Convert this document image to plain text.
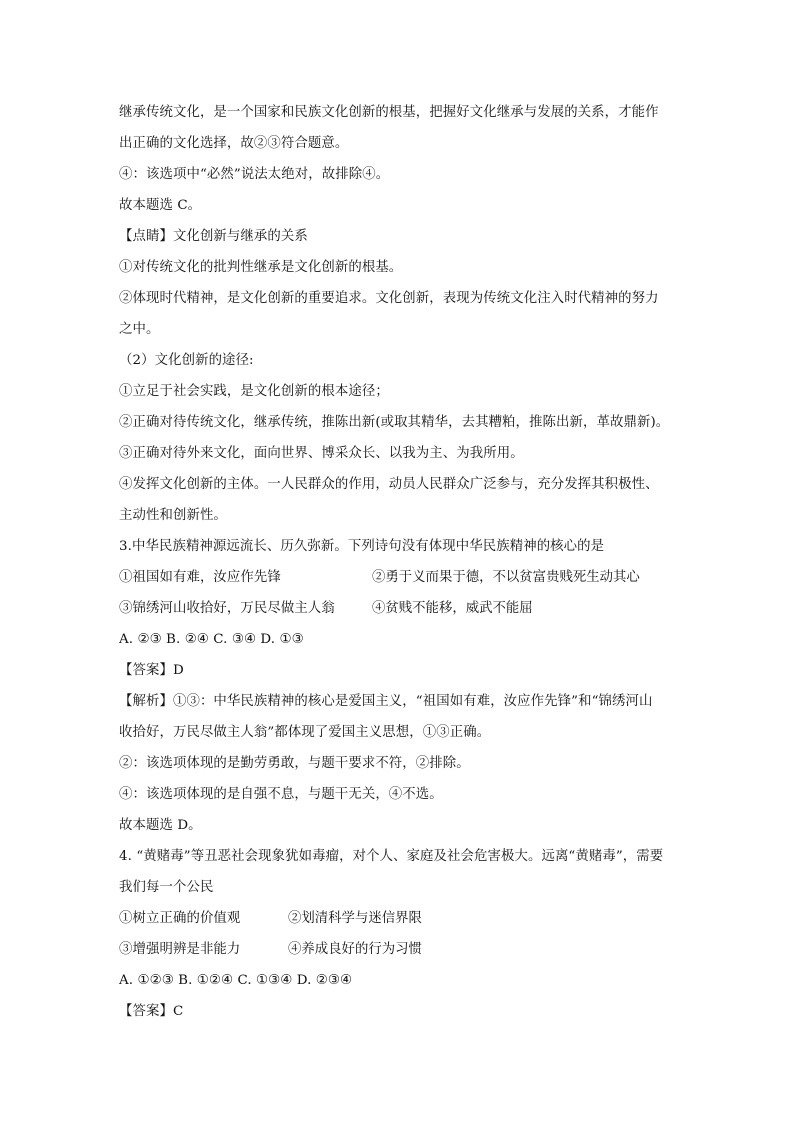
继承传统文化，是一个国家和民族文化创新的根基，把握好文化继承与发展的关系，才能作
出正确的文化选择，故②③符合题意。
④：该选项中“必然”说法太绝对，故排除④。
故本题选 C。
【点睛】文化创新与继承的关系
①对传统文化的批判性继承是文化创新的根基。
②体现时代精神，是文化创新的重要追求。文化创新，表现为传统文化注入时代精神的努力
之中。
（2）文化创新的途径:
①立足于社会实践，是文化创新的根本途径；
②正确对待传统文化，继承传统，推陈出新(或取其精华，去其糟粕，推陈出新，革故鼎新)。
③正确对待外来文化，面向世界、博采众长、以我为主、为我所用。
④发挥文化创新的主体。一人民群众的作用，动员人民群众广泛参与，充分发挥其积极性、
主动性和创新性。
3.中华民族精神源远流长、历久弥新。下列诗句没有体现中华民族精神的核心的是
①祖国如有难，汝应作先锋	②勇于义而果于德，不以贫富贵贱死生动其心
③锦绣河山收拾好，万民尽做主人翁	④贫贱不能移，威武不能屈
A. ②③ B. ②④ C. ③④ D. ①③
【答案】D
【解析】①③：中华民族精神的核心是爱国主义，“祖国如有难，汝应作先锋”和“锦绣河山
收拾好，万民尽做主人翁”都体现了爱国主义思想，①③正确。
②：该选项体现的是勤劳勇敢，与题干要求不符，②排除。
④：该选项体现的是自强不息，与题干无关，④不选。
故本题选 D。
4. “黄赌毒”等丑恶社会现象犹如毒瘤，对个人、家庭及社会危害极大。远离“黄赌毒”，需要
我们每一个公民
①树立正确的价值观	②划清科学与迷信界限
③增强明辨是非能力	④养成良好的行为习惯
A. ①②③ B. ①②④ C. ①③④ D. ②③④
【答案】C
